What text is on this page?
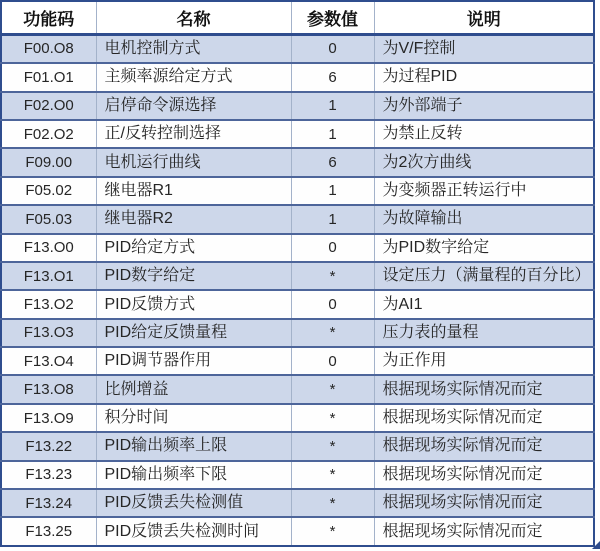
功能码	名称	参数值	说明
F00.O8	电机控制方式	0	为V/F控制
F01.O1	主频率源给定方式	6	为过程PID
F02.O0	启停命令源选择	1	为外部端子
F02.O2	正/反转控制选择	1	为禁止反转
F09.00	电机运行曲线	6	为2次方曲线
F05.02	继电器R1	1	为变频器正转运行中
F05.03	继电器R2	1	为故障输出
F13.O0	PID给定方式	0	为PID数字给定
F13.O1	PID数字给定	*	设定压力（满量程的百分比）
F13.O2	PID反馈方式	0	为AI1
F13.O3	PID给定反馈量程	*	压力表的量程
F13.O4	PID调节器作用	0	为正作用
F13.O8	比例增益	*	根据现场实际情况而定
F13.O9	积分时间	*	根据现场实际情况而定
F13.22	PID输出频率上限	*	根据现场实际情况而定
F13.23	PID输出频率下限	*	根据现场实际情况而定
F13.24	PID反馈丢失检测值	*	根据现场实际情况而定
F13.25	PID反馈丢失检测时间	*	根据现场实际情况而定
